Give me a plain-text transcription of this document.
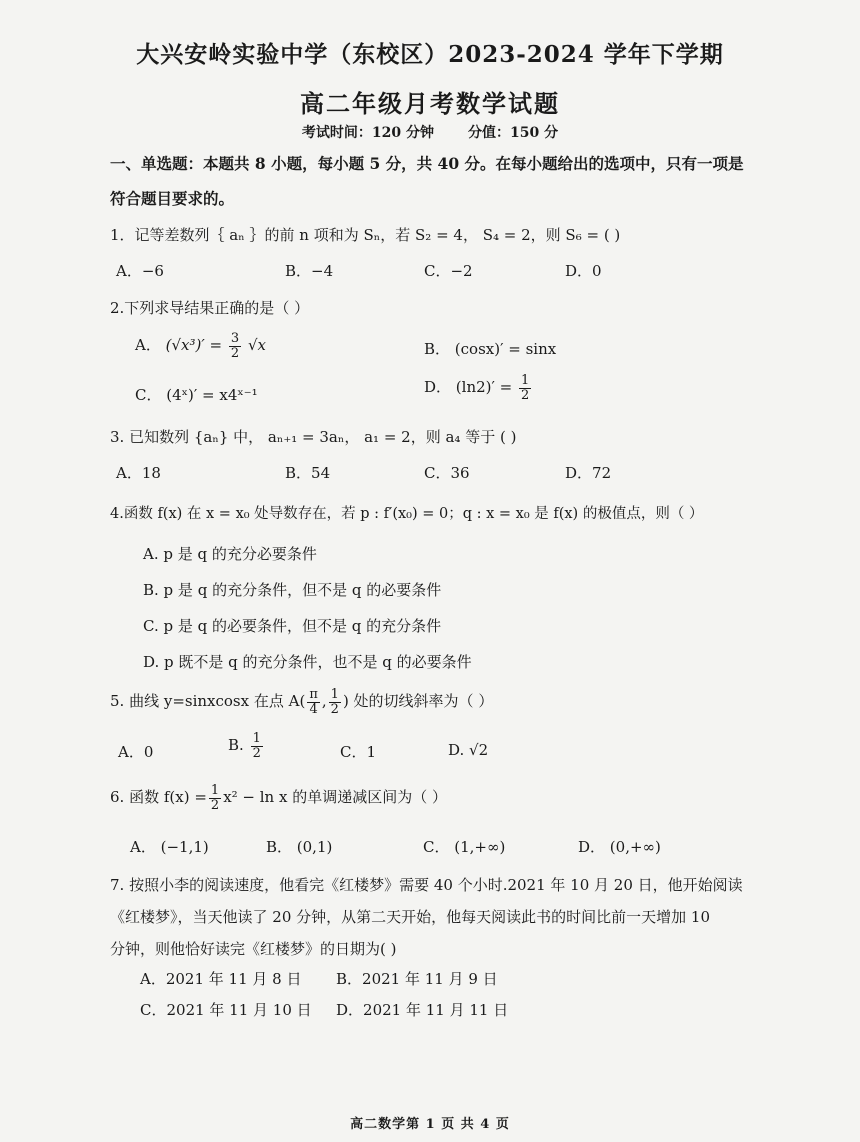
大兴安岭实验中学（东校区）2023-2024 学年下学期
高二年级月考数学试题
考试时间：120 分钟 分值：150 分
一、单选题：本题共 8 小题，每小题 5 分，共 40 分。在每小题给出的选项中，只有一项是
符合题目要求的。
1．记等差数列｛ aₙ ｝的前 n 项和为 Sₙ，若 S₂ = 4， S₄ = 2，则 S₆ = ( )
A．−6	B．−4	C．−2	D．0
2.下列求导结果正确的是（ ）
A． $(√x^3)' = \frac{3}{2} √x$	B． (cosx)′ = sinx
C． (4ˣ)′ = x4ˣ⁻¹	D． $(\ln 2)' = \frac{1}{2}$
3. 已知数列 {aₙ} 中， aₙ₊₁ = 3aₙ， a₁ = 2，则 a₄ 等于 ( )
A．18	B．54	C．36	D．72
4.函数 f(x) 在 x = x₀ 处导数存在，若 p : f′(x₀) = 0；q : x = x₀ 是 f(x) 的极值点，则（ ）
A. p 是 q 的充分必要条件
B. p 是 q 的充分条件，但不是 q 的必要条件
C. p 是 q 的必要条件，但不是 q 的充分条件
D. p 既不是 q 的充分条件，也不是 q 的必要条件
5. 曲线 y=sinxcosx 在点 $A( \frac{\pi}{4}$ , $\frac{1}{2}$ ) 处的切线斜率为（ ）
A．0	B. $\frac{1}{2}$	C．1	D. √2
6. 函数 $f(x) = \frac{1}{2} x^2 - \ln x$ 的单调递减区间为（ ）
A． (−1,1)	B． (0,1)	C． (1,+∞)	D． (0,+∞)
7. 按照小李的阅读速度，他看完《红楼梦》需要 40 个小时.2021 年 10 月 20 日，他开始阅读
《红楼梦》，当天他读了 20 分钟，从第二天开始，他每天阅读此书的时间比前一天增加 10
分钟，则他恰好读完《红楼梦》的日期为( )
A．2021 年 11 月 8 日 B．2021 年 11 月 9 日
C．2021 年 11 月 10 日 D．2021 年 11 月 11 日
高二数学第 1 页 共 4 页
